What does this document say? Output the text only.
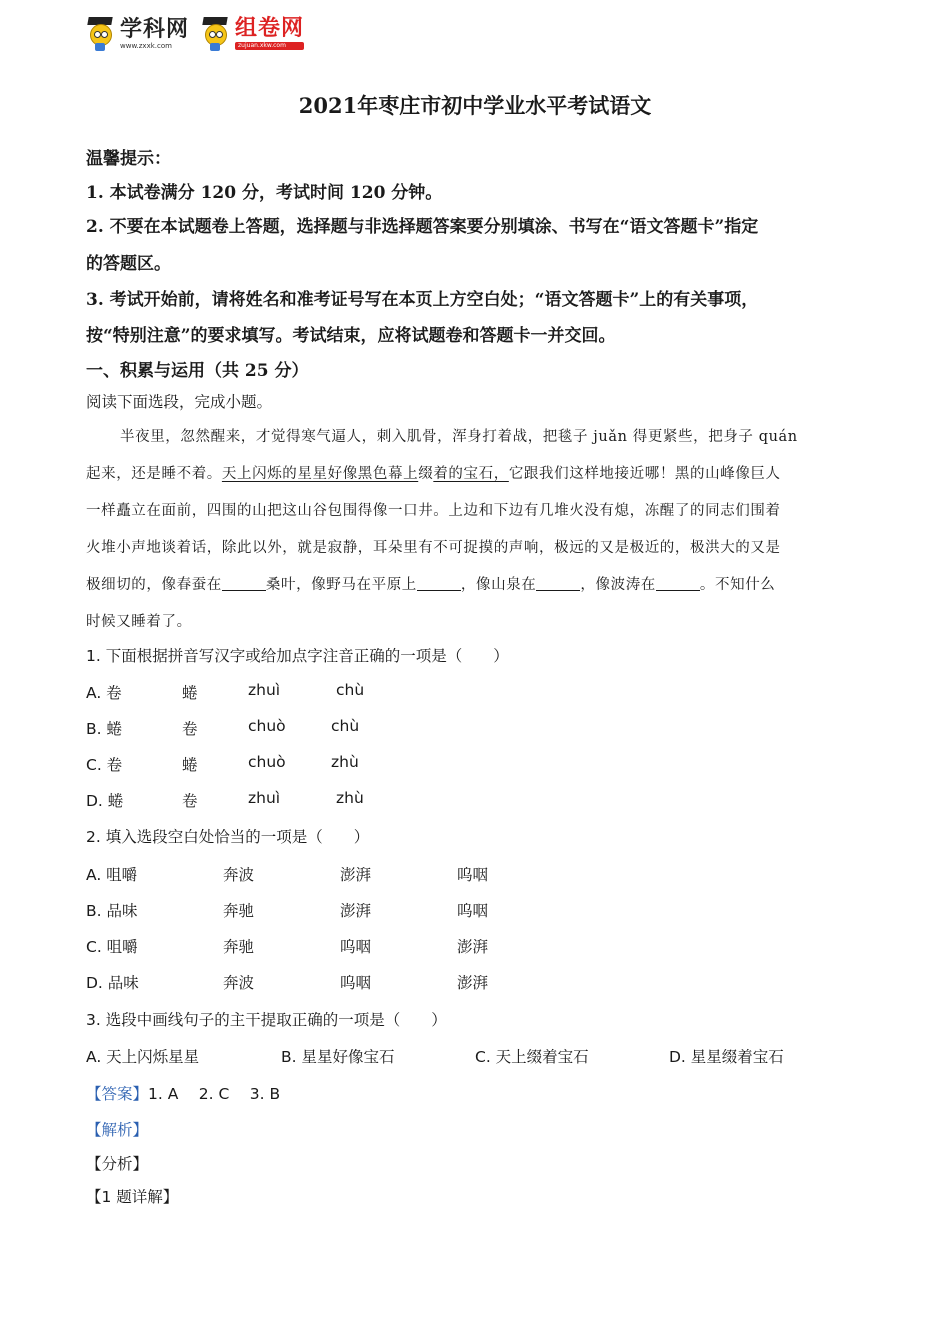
学科网
www.zxxk.com
组卷网
zujuan.xkw.com
2021年枣庄市初中学业水平考试语文
温馨提示：
1. 本试卷满分 120 分，考试时间 120 分钟。
2. 不要在本试题卷上答题，选择题与非选择题答案要分别填涂、书写在“语文答题卡”指定
的答题区。
3. 考试开始前，请将姓名和准考证号写在本页上方空白处；“语文答题卡”上的有关事项，
按“特别注意”的要求填写。考试结束，应将试题卷和答题卡一并交回。
一、积累与运用（共 25 分）
阅读下面选段，完成小题。
半夜里，忽然醒来，才觉得寒气逼人，刺入肌骨，浑身打着战，把毯子 juǎn 得更紧些，把身子 quán
起来，还是睡不着。天上闪烁的星星好像黑色幕上缀着的宝石，它跟我们这样地接近哪！黑的山峰像巨人
一样矗立在面前，四围的山把这山谷包围得像一口井。上边和下边有几堆火没有熄，冻醒了的同志们围着
火堆小声地谈着话，除此以外，就是寂静，耳朵里有不可捉摸的声响，极远的又是极近的，极洪大的又是
极细切的，像春蚕在	桑叶，像野马在平原上	，像山泉在	，像波涛在	。不知什么
时候又睡着了。
1. 下面根据拼音写汉字或给加点字注音正确的一项是（　　）
A. 卷	蜷	zhuì	chù
B. 蜷	卷	chuò	chù
C. 卷	蜷	chuò	zhù
D. 蜷	卷	zhuì	zhù
2. 填入选段空白处恰当的一项是（　　）
A. 咀嚼	奔波	澎湃	呜咽
B. 品味	奔驰	澎湃	呜咽
C. 咀嚼	奔驰	呜咽	澎湃
D. 品味	奔波	呜咽	澎湃
3. 选段中画线句子的主干提取正确的一项是（　　）
A. 天上闪烁星星	B. 星星好像宝石	C. 天上缀着宝石	D. 星星缀着宝石
【答案】1. A　 2. C　 3. B
【解析】
【分析】
【1 题详解】
